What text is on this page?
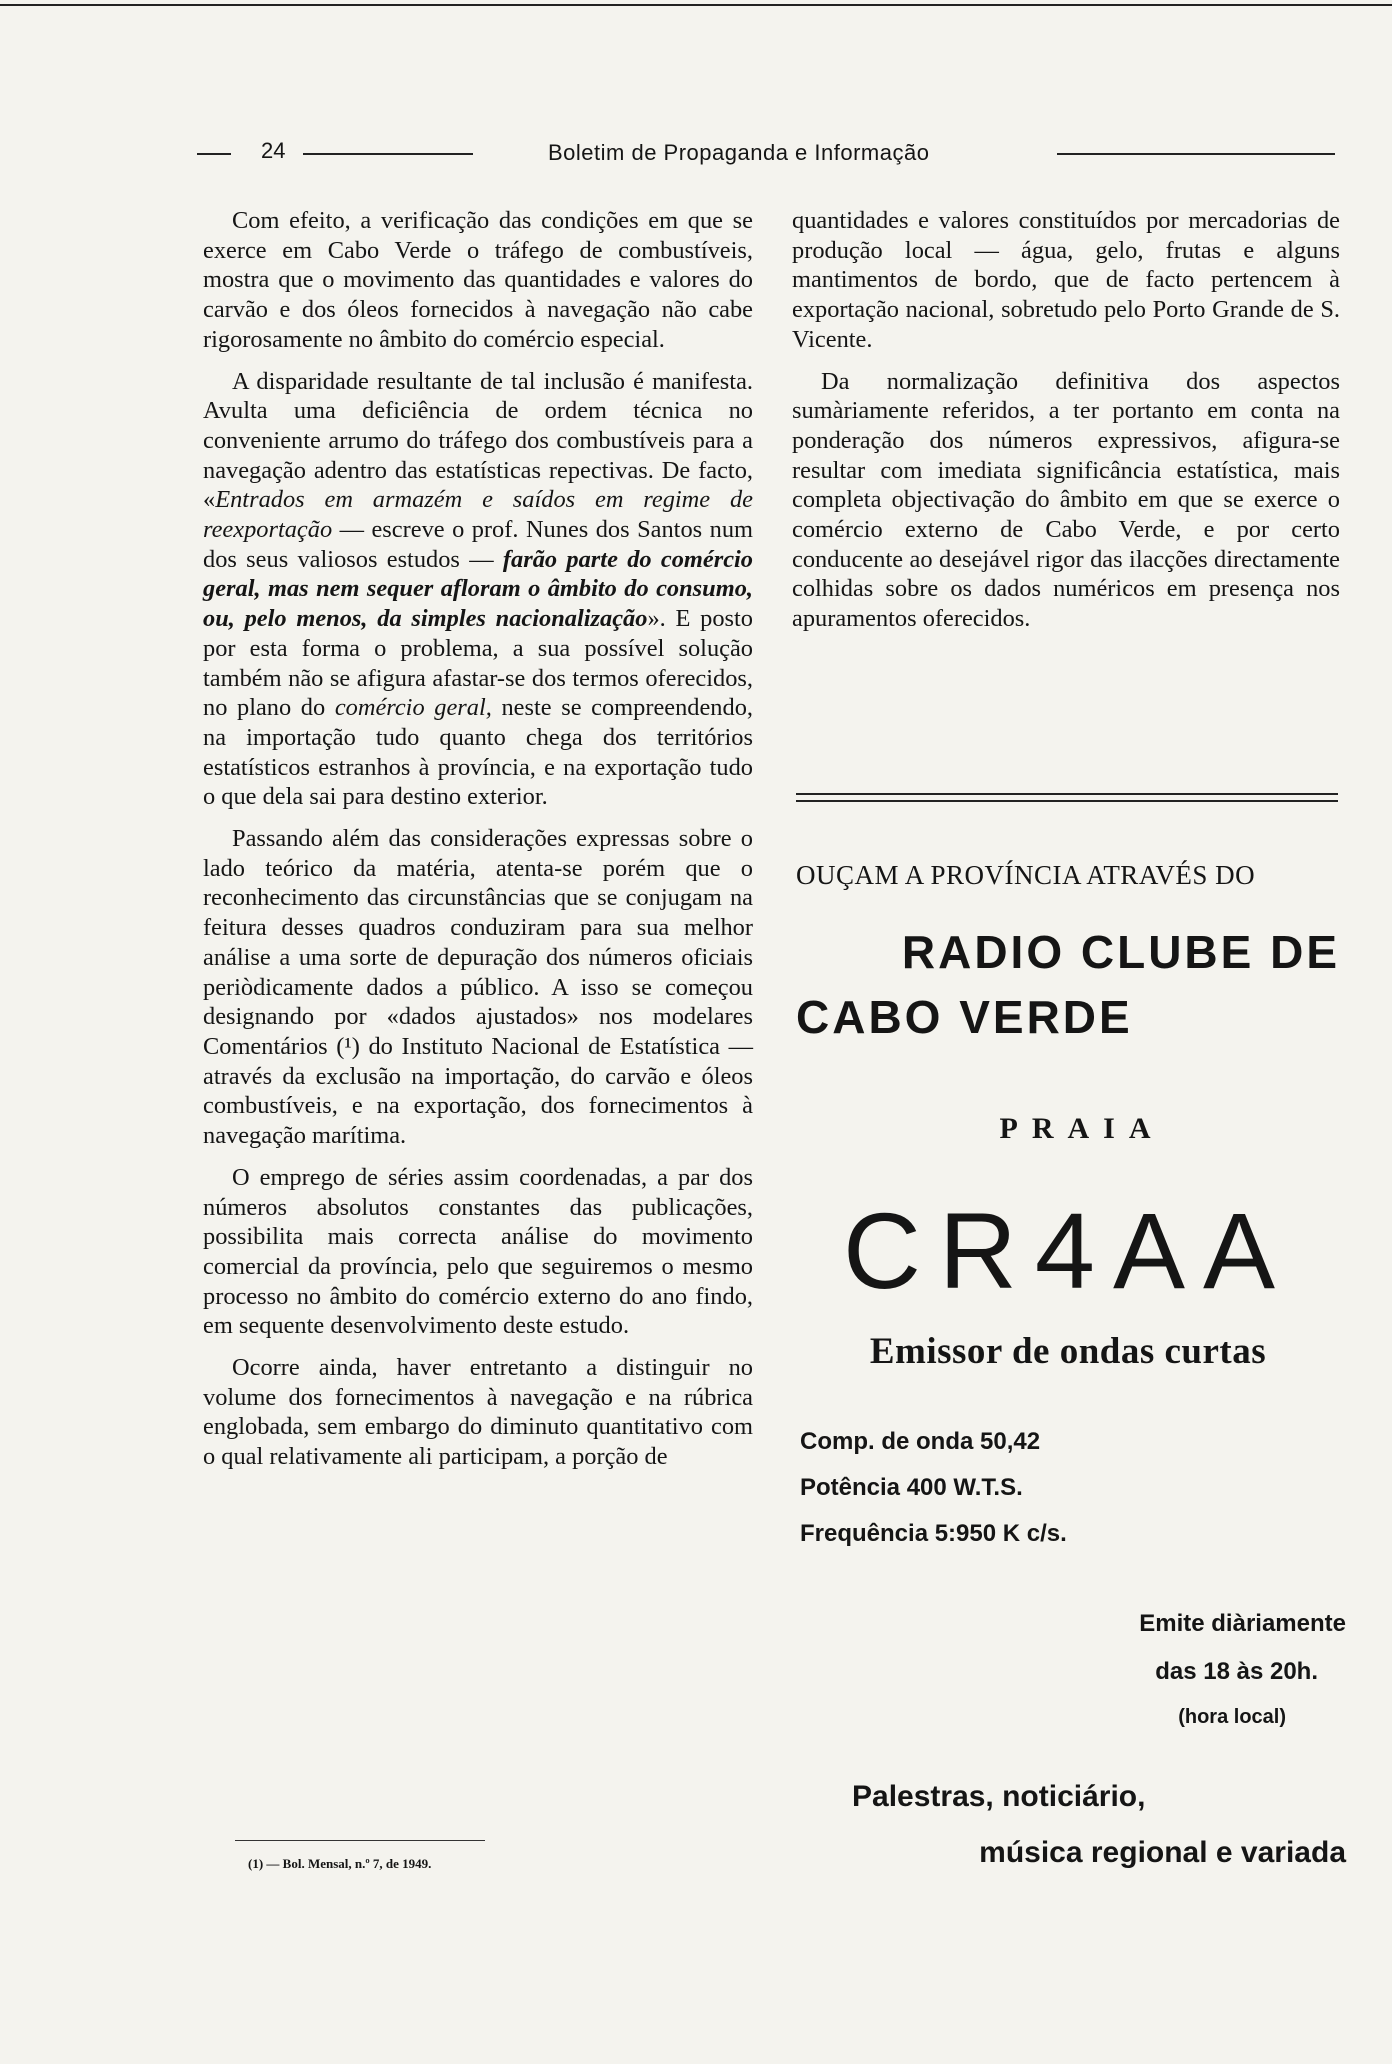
24	Boletim de Propaganda e Informação

Com efeito, a verificação das condições em que se exerce em Cabo Verde o tráfego de combustíveis, mostra que o movimento das quantidades e valores do carvão e dos óleos fornecidos à navegação não cabe rigorosamente no âmbito do comércio especial.

A disparidade resultante de tal inclusão é manifesta. Avulta uma deficiência de ordem técnica no conveniente arrumo do tráfego dos combustíveis para a navegação adentro das estatísticas repectivas. De facto, «Entrados em armazém e saídos em regime de reexportação — escreve o prof. Nunes dos Santos num dos seus valiosos estudos — farão parte do comércio geral, mas nem sequer afloram o âmbito do consumo, ou, pelo menos, da simples nacionalização». E posto por esta forma o problema, a sua possível solução também não se afigura afastar-se dos termos oferecidos, no plano do comércio geral, neste se compreendendo, na importação tudo quanto chega dos territórios estatísticos estranhos à província, e na exportação tudo o que dela sai para destino exterior.

Passando além das considerações expressas sobre o lado teórico da matéria, atenta-se porém que o reconhecimento das circunstâncias que se conjugam na feitura desses quadros conduziram para sua melhor análise a uma sorte de depuração dos números oficiais periòdicamente dados a público. A isso se começou designando por «dados ajustados» nos modelares Comentários (¹) do Instituto Nacional de Estatística — através da exclusão na importação, do carvão e óleos combustíveis, e na exportação, dos fornecimentos à navegação marítima.

O emprego de séries assim coordenadas, a par dos números absolutos constantes das publicações, possibilita mais correcta análise do movimento comercial da província, pelo que seguiremos o mesmo processo no âmbito do comércio externo do ano findo, em sequente desenvolvimento deste estudo.

Ocorre ainda, haver entretanto a distinguir no volume dos fornecimentos à navegação e na rúbrica englobada, sem embargo do diminuto quantitativo com o qual relativamente ali participam, a porção de

(1) — Bol. Mensal, n.º 7, de 1949.

quantidades e valores constituídos por mercadorias de produção local — água, gelo, frutas e alguns mantimentos de bordo, que de facto pertencem à exportação nacional, sobretudo pelo Porto Grande de S. Vicente.

Da normalização definitiva dos aspectos sumàriamente referidos, a ter portanto em conta na ponderação dos números expressivos, afigura-se resultar com imediata significância estatística, mais completa objectivação do âmbito em que se exerce o comércio externo de Cabo Verde, e por certo conducente ao desejável rigor das ilacções directamente colhidas sobre os dados numéricos em presença nos apuramentos oferecidos.

OUÇAM A PROVÍNCIA ATRAVÉS DO
RADIO CLUBE DE
CABO VERDE
PRAIA
CR4AA
Emissor de ondas curtas
Comp. de onda 50,42
Potência 400 W.T.S.
Frequência 5:950 K c/s.
Emite diàriamente
das 18 às 20h.
(hora local)
Palestras, noticiário,
música regional e variada
